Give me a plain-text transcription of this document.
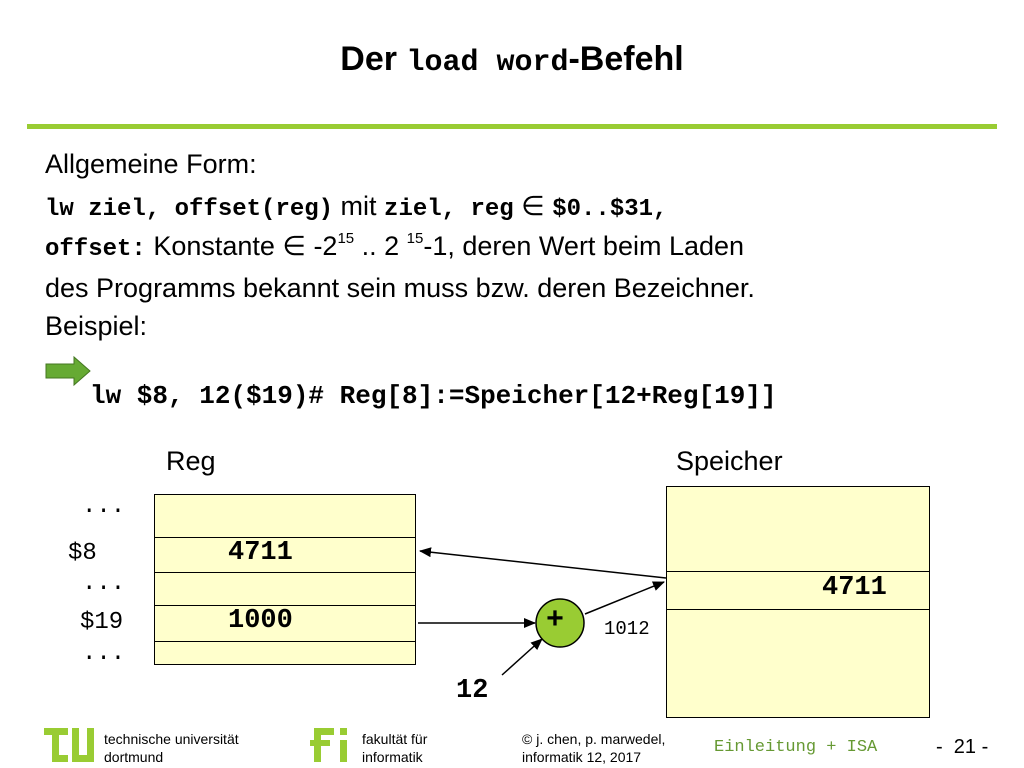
Der load word-Befehl
Allgemeine Form:
lw ziel, offset(reg) mit ziel, reg ∈ $0..$31,
offset: Konstante ∈ $-2^{15}$ .. 2 $^{15}$-1, deren Wert beim Laden
des Programms bekannt sein muss bzw. deren Bezeichner.
Beispiel:
lw $8, 12($19)# Reg[8]:=Speicher[12+Reg[19]]
Reg	Speicher
4711
1000
...
$8
...
$19
...
4711
+ 1012
12
technische universität
dortmund
fakultät für
informatik
© j. chen, p. marwedel,
informatik 12, 2017	Einleitung + ISA	-  21 -
